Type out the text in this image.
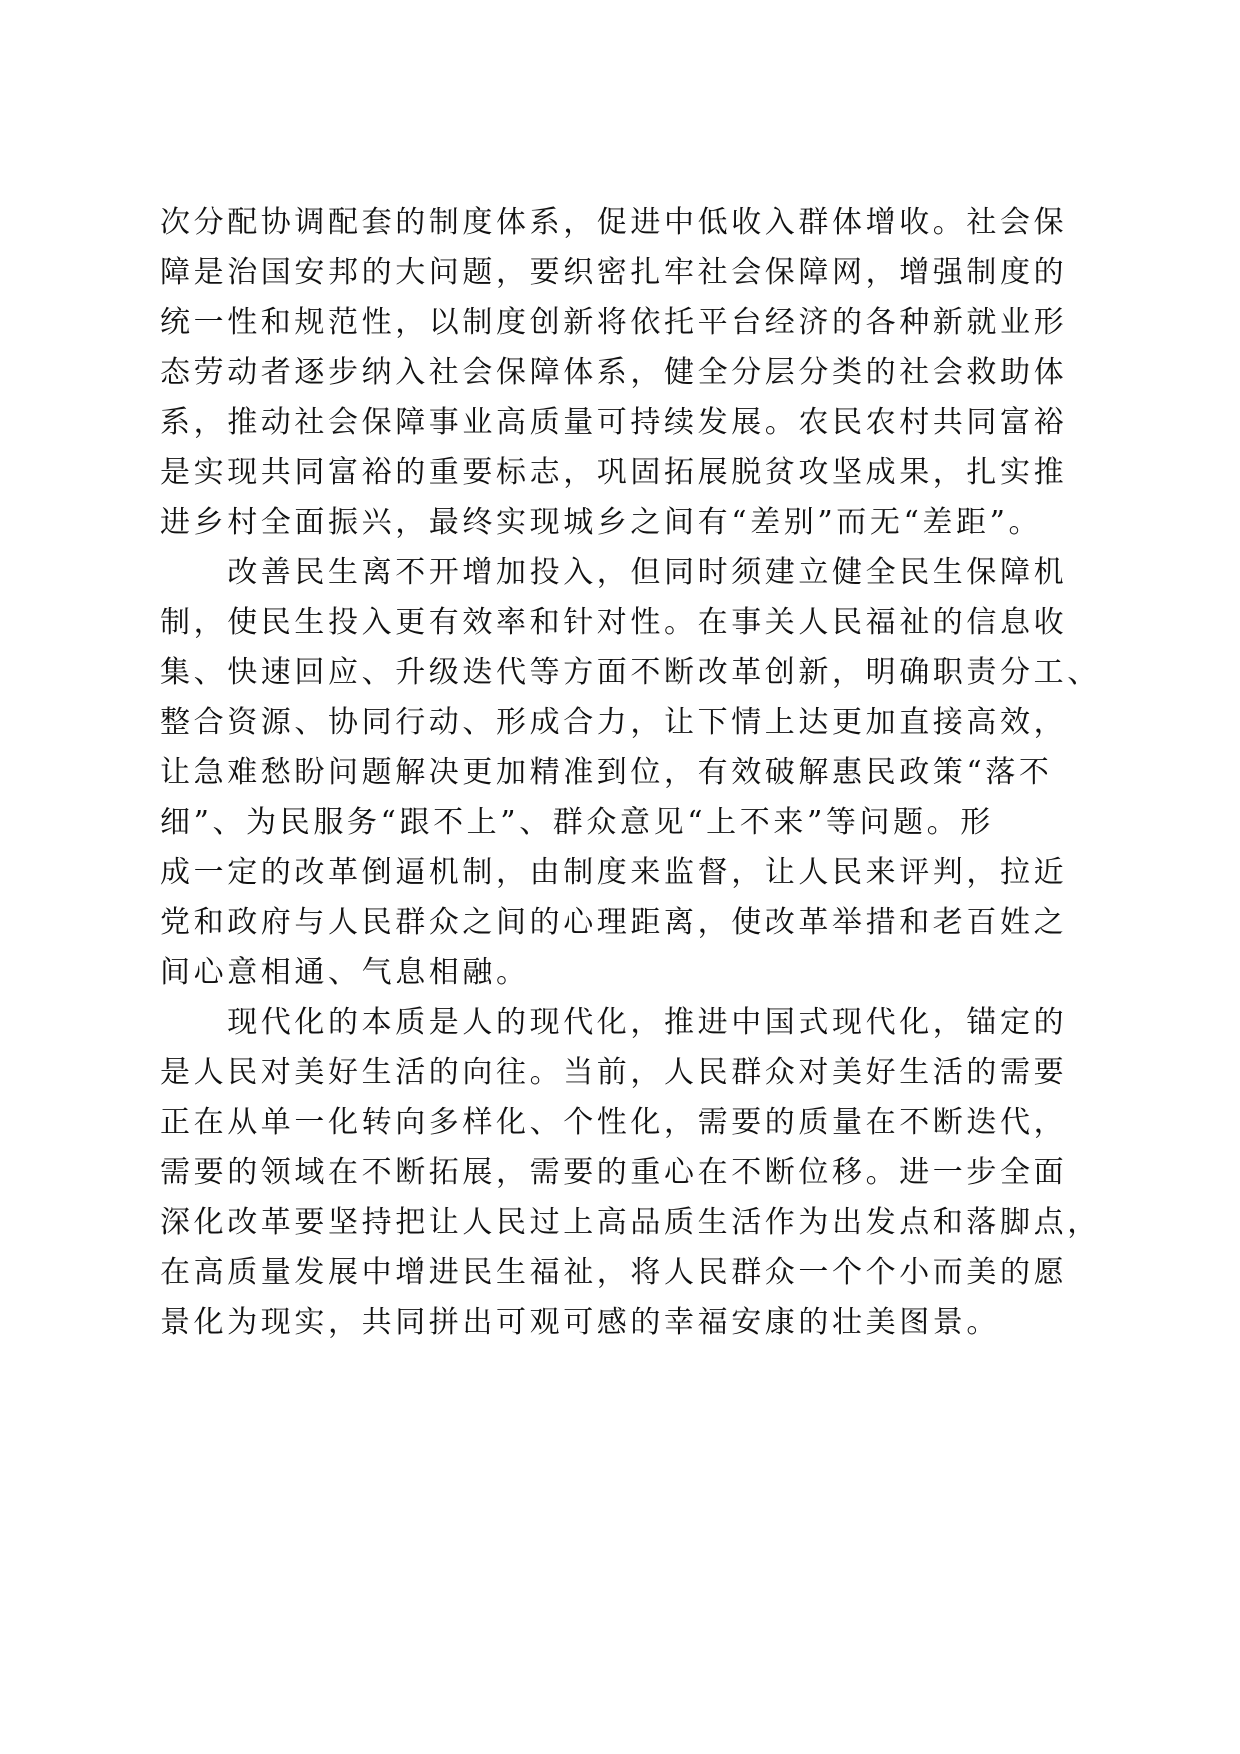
次分配协调配套的制度体系，促进中低收入群体增收。社会保
障是治国安邦的大问题，要织密扎牢社会保障网，增强制度的
统一性和规范性，以制度创新将依托平台经济的各种新就业形
态劳动者逐步纳入社会保障体系，健全分层分类的社会救助体
系，推动社会保障事业高质量可持续发展。农民农村共同富裕
是实现共同富裕的重要标志，巩固拓展脱贫攻坚成果，扎实推
进乡村全面振兴，最终实现城乡之间有“差别”而无“差距”。
　　改善民生离不开增加投入，但同时须建立健全民生保障机
制，使民生投入更有效率和针对性。在事关人民福祉的信息收
集、快速回应、升级迭代等方面不断改革创新，明确职责分工、
整合资源、协同行动、形成合力，让下情上达更加直接高效，
让急难愁盼问题解决更加精准到位，有效破解惠民政策“落不
细”、为民服务“跟不上”、群众意见“上不来”等问题。形
成一定的改革倒逼机制，由制度来监督，让人民来评判，拉近
党和政府与人民群众之间的心理距离，使改革举措和老百姓之
间心意相通、气息相融。
　　现代化的本质是人的现代化，推进中国式现代化，锚定的
是人民对美好生活的向往。当前，人民群众对美好生活的需要
正在从单一化转向多样化、个性化，需要的质量在不断迭代，
需要的领域在不断拓展，需要的重心在不断位移。进一步全面
深化改革要坚持把让人民过上高品质生活作为出发点和落脚点，
在高质量发展中增进民生福祉，将人民群众一个个小而美的愿
景化为现实，共同拼出可观可感的幸福安康的壮美图景。
